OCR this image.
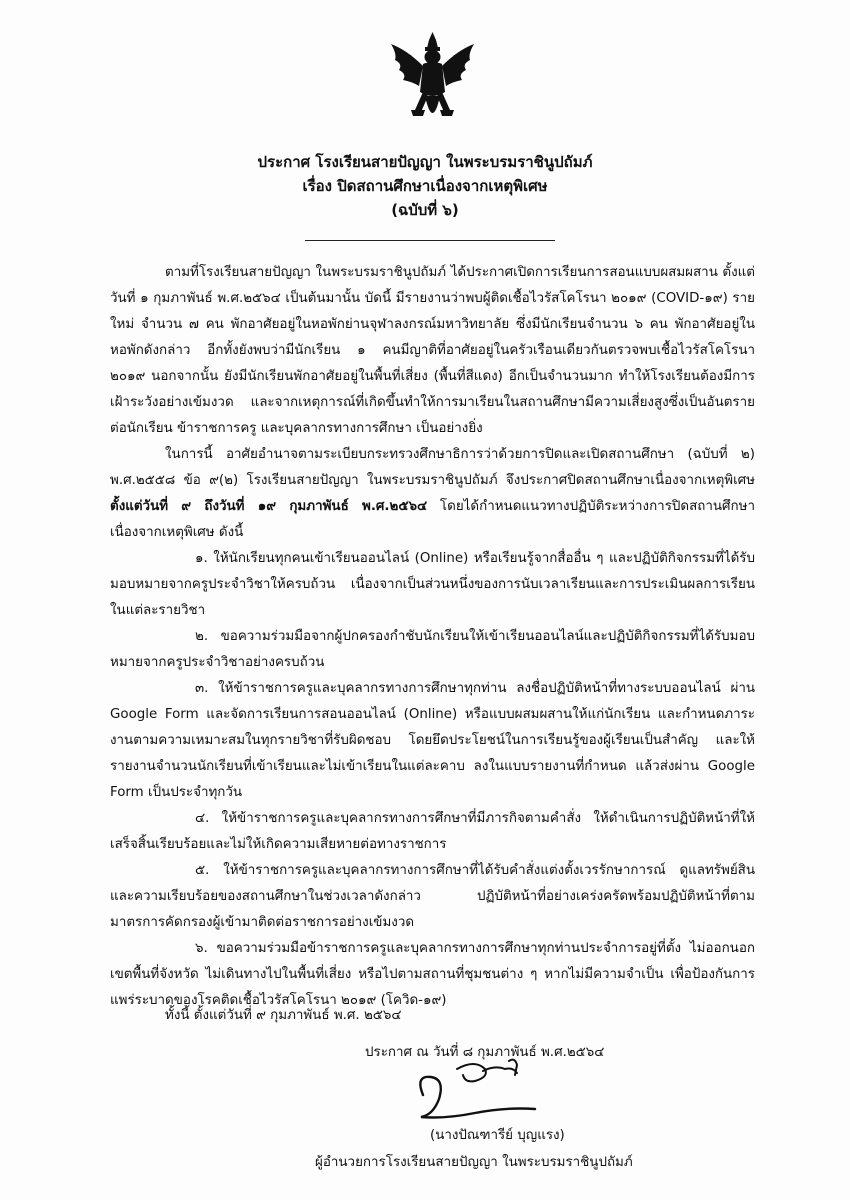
ประกาศ โรงเรียนสายปัญญา ในพระบรมราชินูปถัมภ์
เรื่อง ปิดสถานศึกษาเนื่องจากเหตุพิเศษ
(ฉบับที่ ๖)

ตามที่โรงเรียนสายปัญญา ในพระบรมราชินูปถัมภ์ ได้ประกาศเปิดการเรียนการสอนแบบผสมผสาน ตั้งแต่วันที่ ๑ กุมภาพันธ์ พ.ศ.๒๕๖๔ เป็นต้นมานั้น บัดนี้ มีรายงานว่าพบผู้ติดเชื้อไวรัสโคโรนา ๒๐๑๙ (COVID-๑๙) รายใหม่ จำนวน ๗ คน พักอาศัยอยู่ในหอพักย่านจุฬาลงกรณ์มหาวิทยาลัย ซึ่งมีนักเรียนจำนวน ๖ คน พักอาศัยอยู่ในหอพักดังกล่าว อีกทั้งยังพบว่ามีนักเรียน ๑ คนมีญาติที่อาศัยอยู่ในครัวเรือนเดียวกันตรวจพบเชื้อไวรัสโคโรนา ๒๐๑๙ นอกจากนั้น ยังมีนักเรียนพักอาศัยอยู่ในพื้นที่เสี่ยง (พื้นที่สีแดง) อีกเป็นจำนวนมาก ทำให้โรงเรียนต้องมีการเฝ้าระวังอย่างเข้มงวด และจากเหตุการณ์ที่เกิดขึ้นทำให้การมาเรียนในสถานศึกษามีความเสี่ยงสูงซึ่งเป็นอันตรายต่อนักเรียน ข้าราชการครู และบุคลากรทางการศึกษา เป็นอย่างยิ่ง

ในการนี้ อาศัยอำนาจตามระเบียบกระทรวงศึกษาธิการว่าด้วยการปิดและเปิดสถานศึกษา (ฉบับที่ ๒) พ.ศ.๒๕๕๘ ข้อ ๙(๒) โรงเรียนสายปัญญา ในพระบรมราชินูปถัมภ์ จึงประกาศปิดสถานศึกษาเนื่องจากเหตุพิเศษ ตั้งแต่วันที่ ๙ ถึงวันที่ ๑๙ กุมภาพันธ์ พ.ศ.๒๕๖๔ โดยได้กำหนดแนวทางปฏิบัติระหว่างการปิดสถานศึกษาเนื่องจากเหตุพิเศษ ดังนี้

๑. ให้นักเรียนทุกคนเข้าเรียนออนไลน์ (Online) หรือเรียนรู้จากสื่ออื่น ๆ และปฏิบัติกิจกรรมที่ได้รับมอบหมายจากครูประจำวิชาให้ครบถ้วน เนื่องจากเป็นส่วนหนึ่งของการนับเวลาเรียนและการประเมินผลการเรียนในแต่ละรายวิชา

๒. ขอความร่วมมือจากผู้ปกครองกำชับนักเรียนให้เข้าเรียนออนไลน์และปฏิบัติกิจกรรมที่ได้รับมอบหมายจากครูประจำวิชาอย่างครบถ้วน

๓. ให้ข้าราชการครูและบุคลากรทางการศึกษาทุกท่าน ลงชื่อปฏิบัติหน้าที่ทางระบบออนไลน์ ผ่าน Google Form และจัดการเรียนการสอนออนไลน์ (Online) หรือแบบผสมผสานให้แก่นักเรียน และกำหนดภาระงานตามความเหมาะสมในทุกรายวิชาที่รับผิดชอบ โดยยึดประโยชน์ในการเรียนรู้ของผู้เรียนเป็นสำคัญ และให้รายงานจำนวนนักเรียนที่เข้าเรียนและไม่เข้าเรียนในแต่ละคาบ ลงในแบบรายงานที่กำหนด แล้วส่งผ่าน Google Form เป็นประจำทุกวัน

๔. ให้ข้าราชการครูและบุคลากรทางการศึกษาที่มีภารกิจตามคำสั่ง ให้ดำเนินการปฏิบัติหน้าที่ให้เสร็จสิ้นเรียบร้อยและไม่ให้เกิดความเสียหายต่อทางราชการ

๕. ให้ข้าราชการครูและบุคลากรทางการศึกษาที่ได้รับคำสั่งแต่งตั้งเวรรักษาการณ์ ดูแลทรัพย์สินและความเรียบร้อยของสถานศึกษาในช่วงเวลาดังกล่าว ปฏิบัติหน้าที่อย่างเคร่งครัดพร้อมปฏิบัติหน้าที่ตามมาตรการคัดกรองผู้เข้ามาติดต่อราชการอย่างเข้มงวด

๖. ขอความร่วมมือข้าราชการครูและบุคลากรทางการศึกษาทุกท่านประจำการอยู่ที่ตั้ง ไม่ออกนอกเขตพื้นที่จังหวัด ไม่เดินทางไปในพื้นที่เสี่ยง หรือไปตามสถานที่ชุมชนต่าง ๆ หากไม่มีความจำเป็น เพื่อป้องกันการแพร่ระบาดของโรคติดเชื้อไวรัสโคโรนา ๒๐๑๙ (โควิด-๑๙)

ทั้งนี้ ตั้งแต่วันที่ ๙ กุมภาพันธ์ พ.ศ. ๒๕๖๔
ประกาศ ณ วันที่ ๘ กุมภาพันธ์ พ.ศ.๒๕๖๔
(นางปัณฑารีย์ บุญแรง)
ผู้อำนวยการโรงเรียนสายปัญญา ในพระบรมราชินูปถัมภ์
